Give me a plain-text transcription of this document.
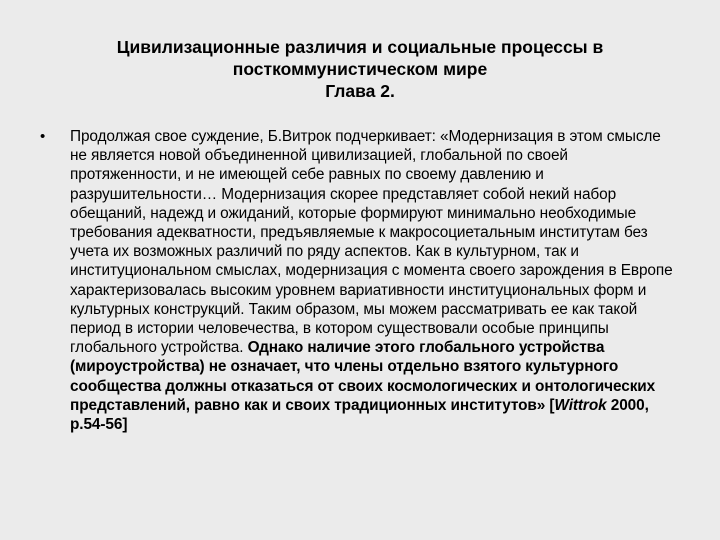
Цивилизационные различия и социальные процессы в
посткоммунистическом мире
Глава 2.
•	Продолжая свое суждение, Б.Витрок подчеркивает: «Модернизация в этом смысле не является новой объединенной цивилизацией, глобальной по своей протяженности, и не имеющей себе равных по своему давлению и разрушительности… Модернизация скорее представляет собой некий набор обещаний, надежд и ожиданий, которые формируют минимально необходимые требования адекватности, предъявляемые к макросоциетальным институтам без учета их возможных различий по ряду аспектов. Как в культурном, так и институциональном смыслах, модернизация с момента своего зарождения в Европе характеризовалась высоким уровнем вариативности институциональных форм и культурных конструкций. Таким образом, мы можем рассматривать ее как такой период в истории человечества, в котором существовали особые принципы глобального устройства. Однако наличие этого глобального устройства (мироустройства) не означает, что члены отдельно взятого культурного сообщества должны отказаться от своих космологических и онтологических представлений, равно как и своих традиционных институтов» [Wittrok 2000, р.54-56]
